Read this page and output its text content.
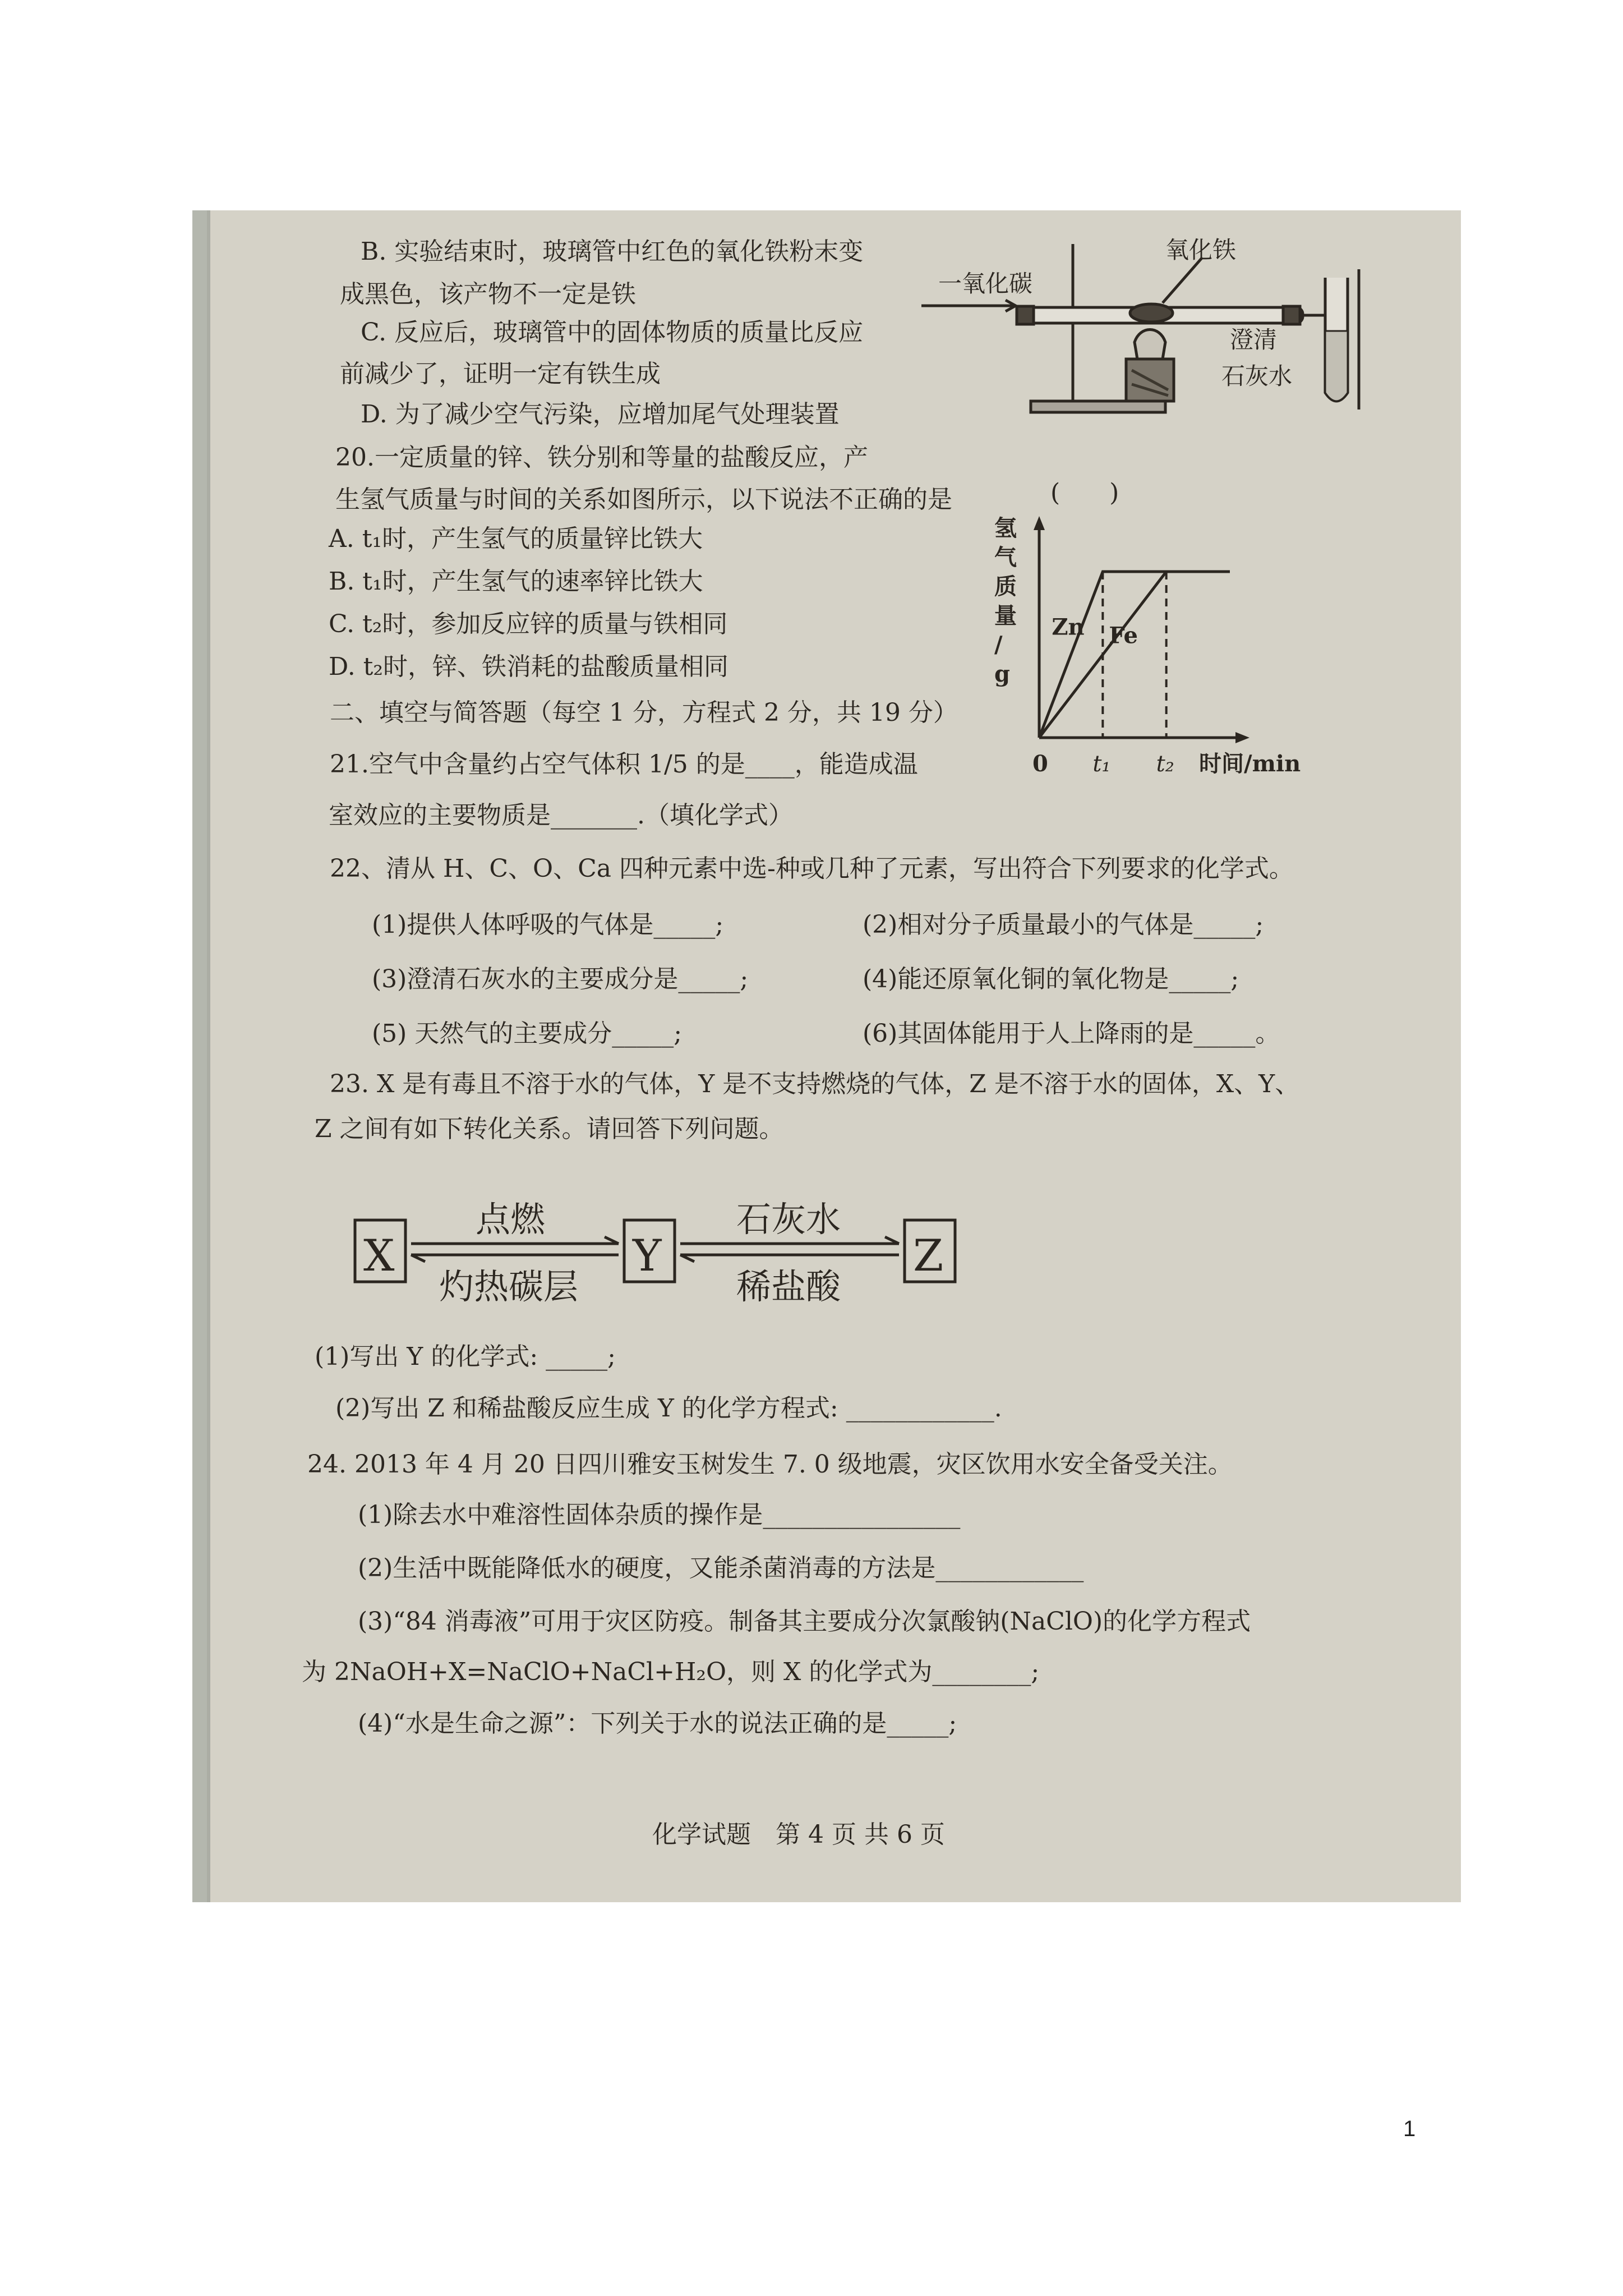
B. 实验结束时，玻璃管中红色的氧化铁粉末变
成黑色，该产物不一定是铁
C. 反应后，玻璃管中的固体物质的质量比反应
前减少了，证明一定有铁生成
D. 为了减少空气污染，应增加尾气处理装置
一氧化碳
氧化铁
澄清
石灰水
20.一定质量的锌、铁分别和等量的盐酸反应，产
生氢气质量与时间的关系如图所示，以下说法不正确的是	(　　)
A. t₁时，产生氢气的质量锌比铁大
B. t₁时，产生氢气的速率锌比铁大
C. t₂时，参加反应锌的质量与铁相同
D. t₂时，锌、铁消耗的盐酸质量相同
氢气质量/ g
0	时间/min
Zn Fe
t₁ t₂
二、填空与简答题（每空 1 分，方程式 2 分，共 19 分）
21.空气中含量约占空气体积 1/5 的是____，能造成温
室效应的主要物质是_______.（填化学式）
22、清从 H、C、O、Ca 四种元素中选-种或几种了元素，写出符合下列要求的化学式。
(1)提供人体呼吸的气体是_____;	(2)相对分子质量最小的气体是_____;
(3)澄清石灰水的主要成分是_____;	(4)能还原氧化铜的氧化物是_____;
(5) 天然气的主要成分_____;	(6)其固体能用于人上降雨的是_____。
23. X 是有毒且不溶于水的气体，Y 是不支持燃烧的气体，Z 是不溶于水的固体，X、Y、
Z 之间有如下转化关系。请回答下列问题。
X	Y	Z
点燃
灼热碳层
石灰水
稀盐酸
(1)写出 Y 的化学式: _____;
(2)写出 Z 和稀盐酸反应生成 Y 的化学方程式: ____________.
24. 2013 年 4 月 20 日四川雅安玉树发生 7. 0 级地震，灾区饮用水安全备受关注。
(1)除去水中难溶性固体杂质的操作是________________
(2)生活中既能降低水的硬度，又能杀菌消毒的方法是____________
(3)“84 消毒液”可用于灾区防疫。制备其主要成分次氯酸钠(NaClO)的化学方程式
为 2NaOH+X=NaClO+NaCl+H₂O，则 X 的化学式为________;
(4)“水是生命之源”：下列关于水的说法正确的是_____;
化学试题　第 4 页 共 6 页
1
